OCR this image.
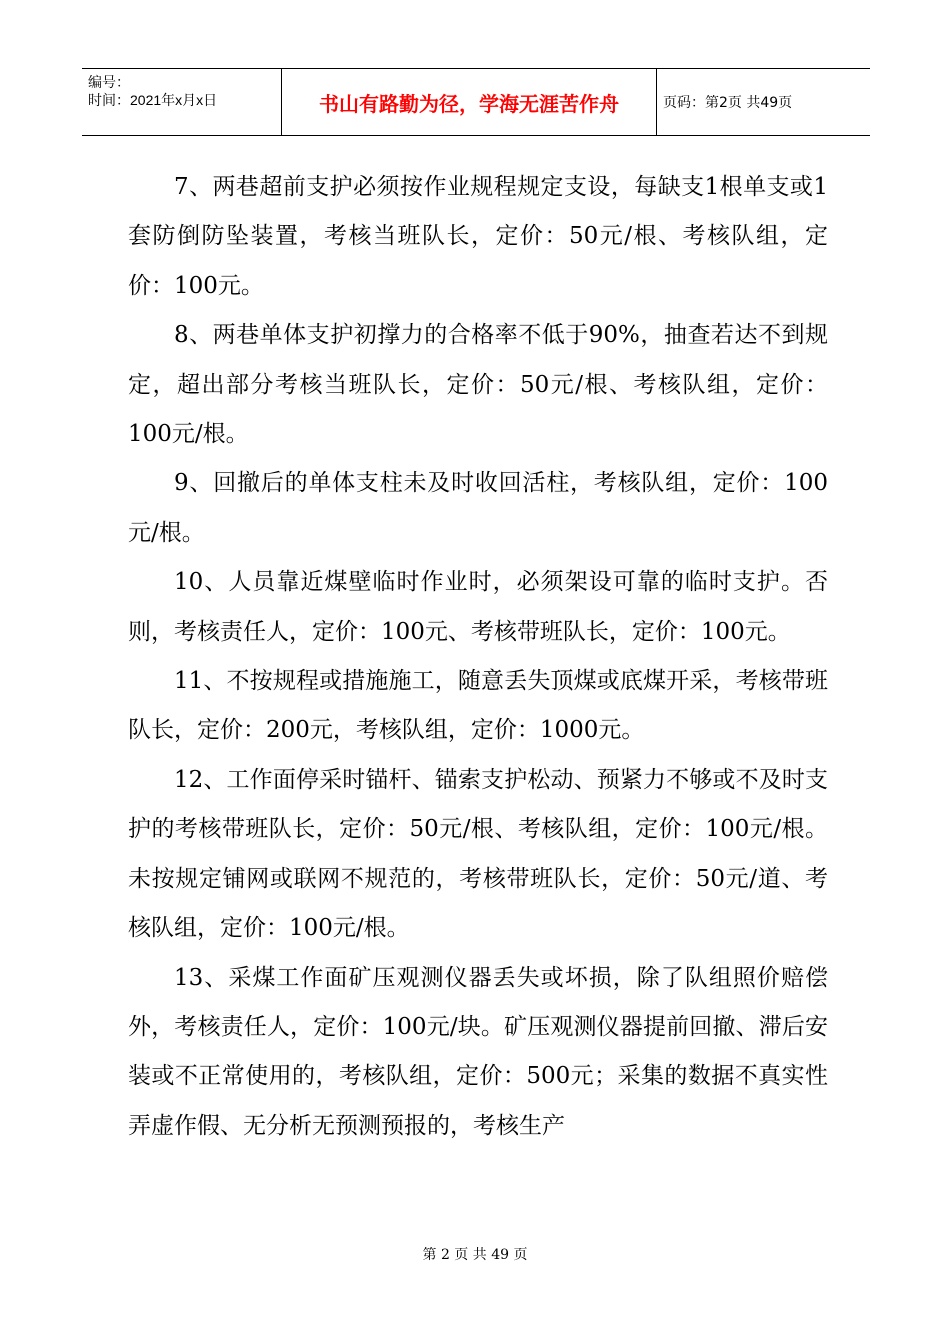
编号：
时间：2021年x月x日	书山有路勤为径，学海无涯苦作舟	页码：第2页 共49页

7、两巷超前支护必须按作业规程规定支设，每缺支1根单支或1套防倒防坠装置，考核当班队长，定价：50元/根、考核队组，定价：100元。

8、两巷单体支护初撑力的合格率不低于90%，抽查若达不到规定，超出部分考核当班队长，定价：50元/根、考核队组，定价：100元/根。

9、回撤后的单体支柱未及时收回活柱，考核队组，定价：100元/根。

10、人员靠近煤壁临时作业时，必须架设可靠的临时支护。否则，考核责任人，定价：100元、考核带班队长，定价：100元。

11、不按规程或措施施工，随意丢失顶煤或底煤开采，考核带班队长，定价：200元，考核队组，定价：1000元。

12、工作面停采时锚杆、锚索支护松动、预紧力不够或不及时支护的考核带班队长，定价：50元/根、考核队组，定价：100元/根。未按规定铺网或联网不规范的，考核带班队长，定价：50元/道、考核队组，定价：100元/根。

13、采煤工作面矿压观测仪器丢失或坏损，除了队组照价赔偿外，考核责任人，定价：100元/块。矿压观测仪器提前回撤、滞后安装或不正常使用的，考核队组，定价：500元；采集的数据不真实性弄虚作假、无分析无预测预报的，考核生产

第 2 页 共 49 页
